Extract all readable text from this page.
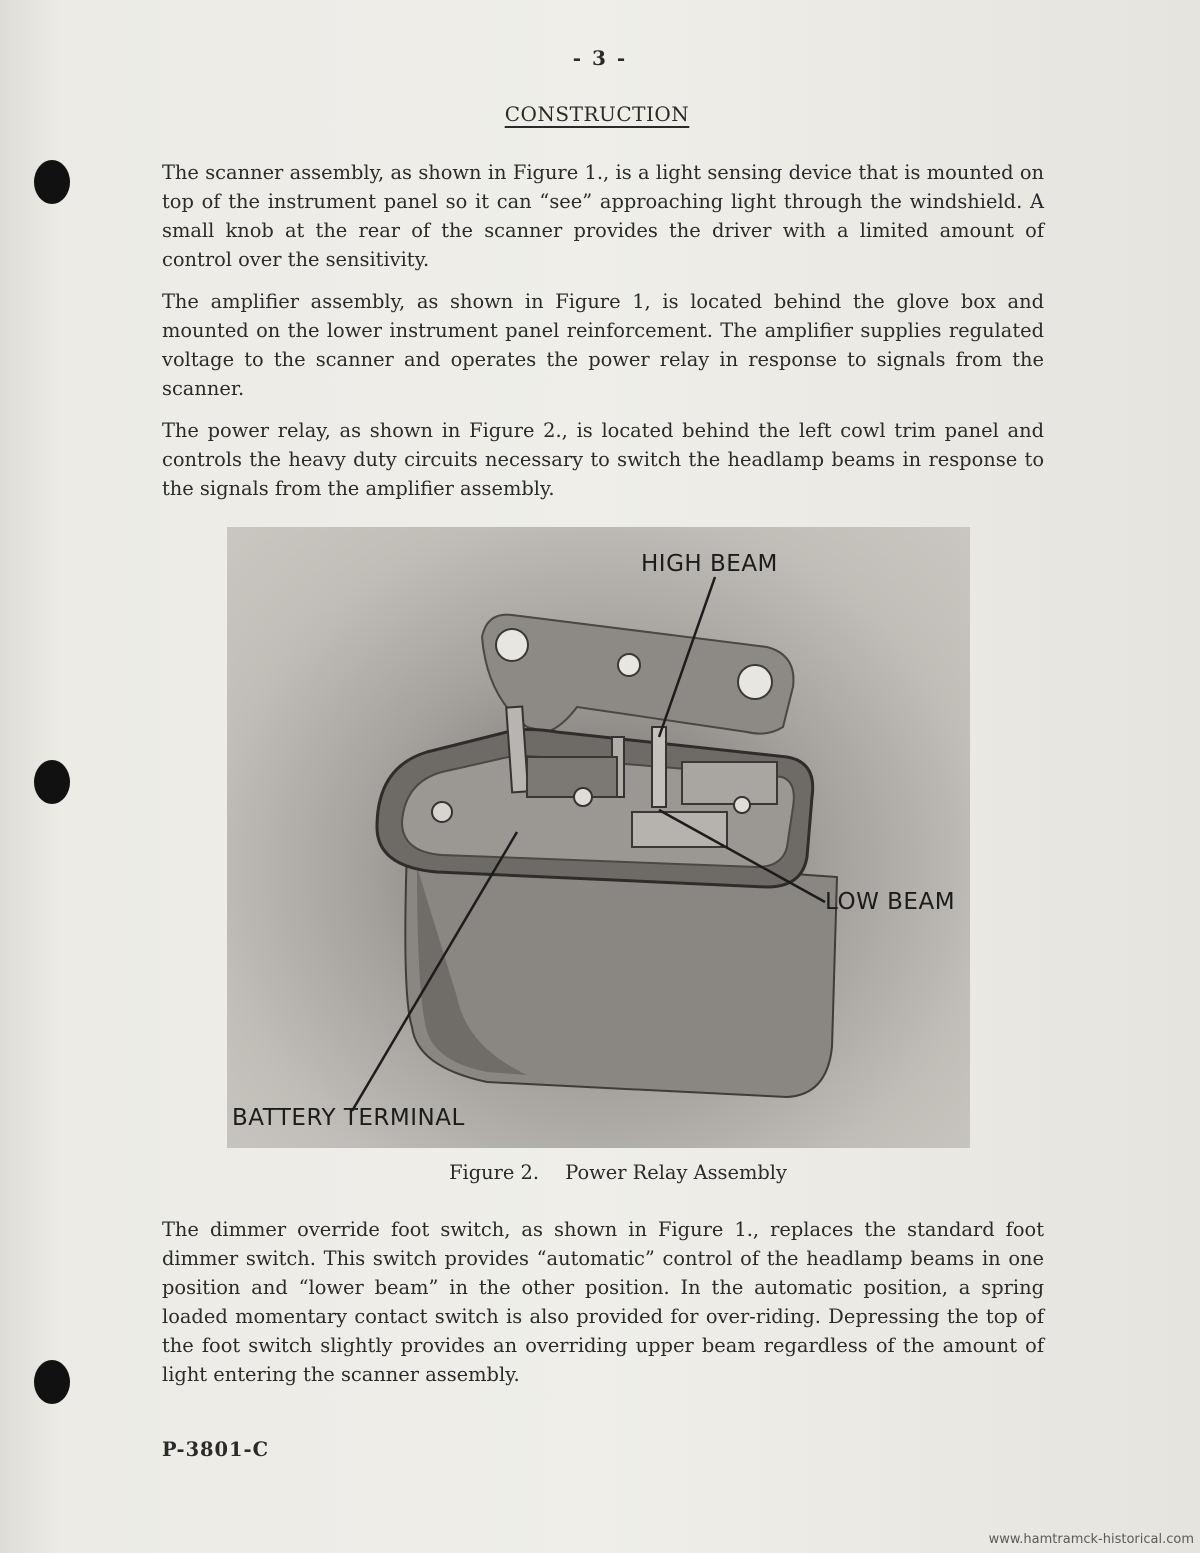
- 3 -
CONSTRUCTION
The scanner assembly, as shown in Figure 1., is a light sensing device that is mounted on top of the instrument panel so it can “see” approaching light through the windshield. A small knob at the rear of the scanner provides the driver with a limited amount of control over the sensitivity.
The amplifier assembly, as shown in Figure 1, is located behind the glove box and mounted on the lower instrument panel reinforcement. The amplifier supplies regulated voltage to the scanner and operates the power relay in response to signals from the scanner.
The power relay, as shown in Figure 2., is located behind the left cowl trim panel and controls the heavy duty circuits necessary to switch the headlamp beams in response to the signals from the amplifier assembly.
HIGH BEAM
LOW BEAM
BATTERY TERMINAL
Figure 2. Power Relay Assembly
The dimmer override foot switch, as shown in Figure 1., replaces the standard foot dimmer switch. This switch provides “automatic” control of the headlamp beams in one position and “lower beam” in the other position. In the automatic position, a spring loaded momentary contact switch is also provided for over-riding. Depressing the top of the foot switch slightly provides an overriding upper beam regardless of the amount of light entering the scanner assembly.
P-3801-C
www.hamtramck-historical.com
